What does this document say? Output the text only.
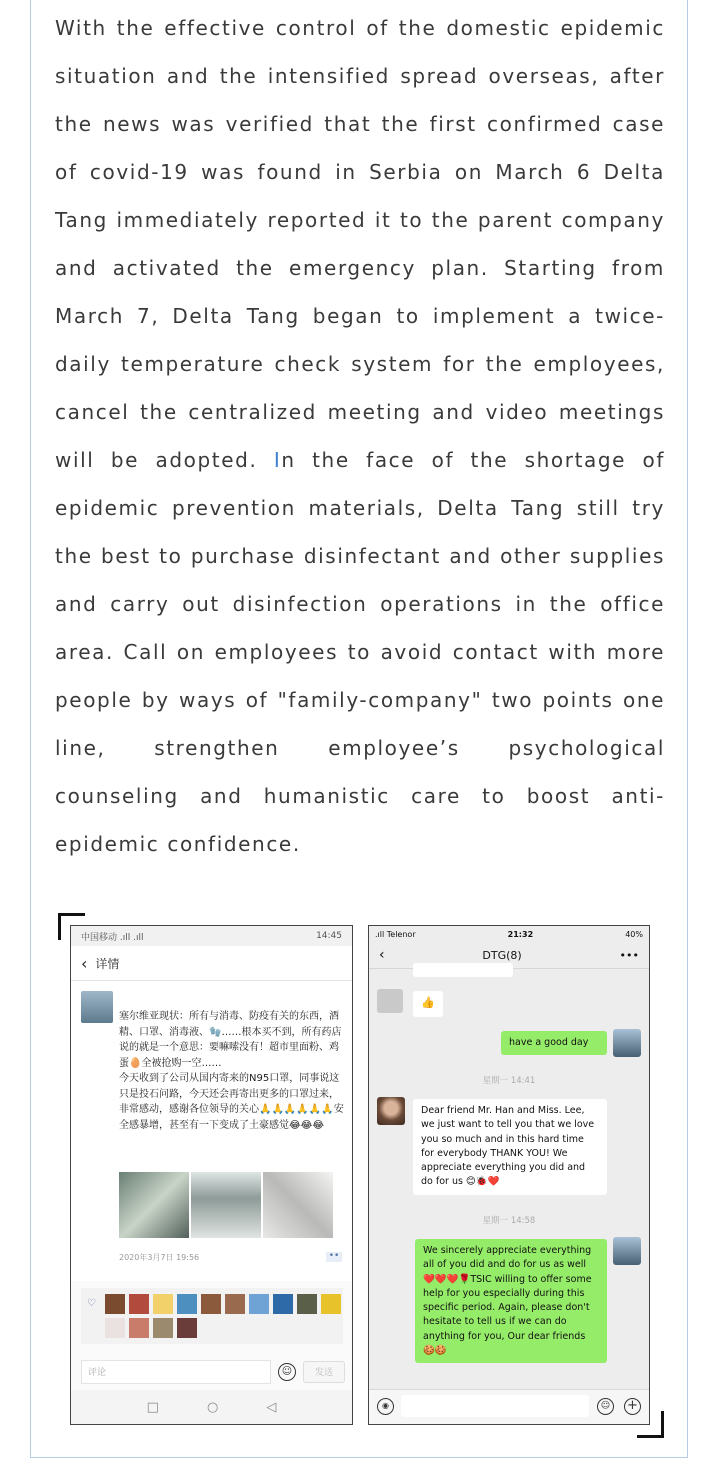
With the effective control of the domestic epidemic situation and the intensified spread overseas, after the news was verified that the first confirmed case of covid-19 was found in Serbia on March 6 Delta Tang immediately reported it to the parent company and activated the emergency plan. Starting from March 7, Delta Tang began to implement a twice-daily temperature check system for the employees, cancel the centralized meeting and video meetings will be adopted. In the face of the shortage of epidemic prevention materials, Delta Tang still try the best to purchase disinfectant and other supplies and carry out disinfection operations in the office area. Call on employees to avoid contact with more people by ways of "family-company" two points one line, strengthen employee’s psychological counseling and humanistic care to boost anti-epidemic confidence.

中国移动 .ıll .ıll	14:45
‹ 详情
塞尔维亚现状：所有与消毒、防疫有关的东西，酒精、口罩、消毒液、🧤……根本买不到，所有药店说的就是一个意思：要嘛嗦没有！超市里面粉、鸡蛋🥚全被抢购一空……
今天收到了公司从国内寄来的N95口罩，同事说这只是投石问路，今天还会再寄出更多的口罩过来，非常感动，感谢各位领导的关心🙏🙏🙏🙏🙏🙏安全感暴增，甚至有一下变成了土豪感觉😂😂😂
2020年3月7日 19:56	••
♡
评论	☺	发送
□	○	◁
.ıll Telenor	21:32	40%
‹	DTG(8)	•••
👍
have a good day
星期一 14:41
Dear friend Mr. Han and Miss. Lee, we just want to tell you that we love you so much and in this hard time for everybody THANK YOU! We appreciate everything you did and do for us 😊🐞❤️
星期一 14:58
We sincerely appreciate everything all of you did and do for us as well ❤️❤️❤️🌹TSIC willing to offer some help for you especially during this specific period. Again, please don't hesitate to tell us if we can do anything for you, Our dear friends 🍪🍪
◉	☺ +
